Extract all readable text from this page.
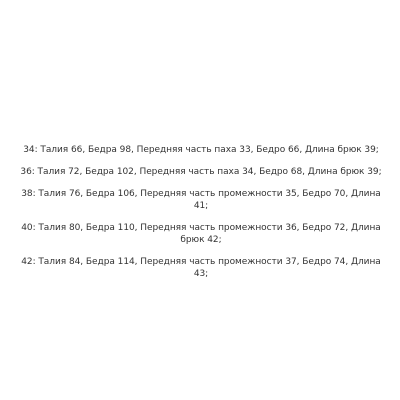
34: Талия 66, Бедра 98, Передняя часть паха 33, Бедро 66, Длина брюк 39;

36: Талия 72, Бедра 102, Передняя часть паха 34, Бедро 68, Длина брюк 39;

38: Талия 76, Бедра 106, Передняя часть промежности 35, Бедро 70, Длина 41;

40: Талия 80, Бедра 110, Передняя часть промежности 36, Бедро 72, Длина брюк 42;

42: Талия 84, Бедра 114, Передняя часть промежности 37, Бедро 74, Длина 43;
